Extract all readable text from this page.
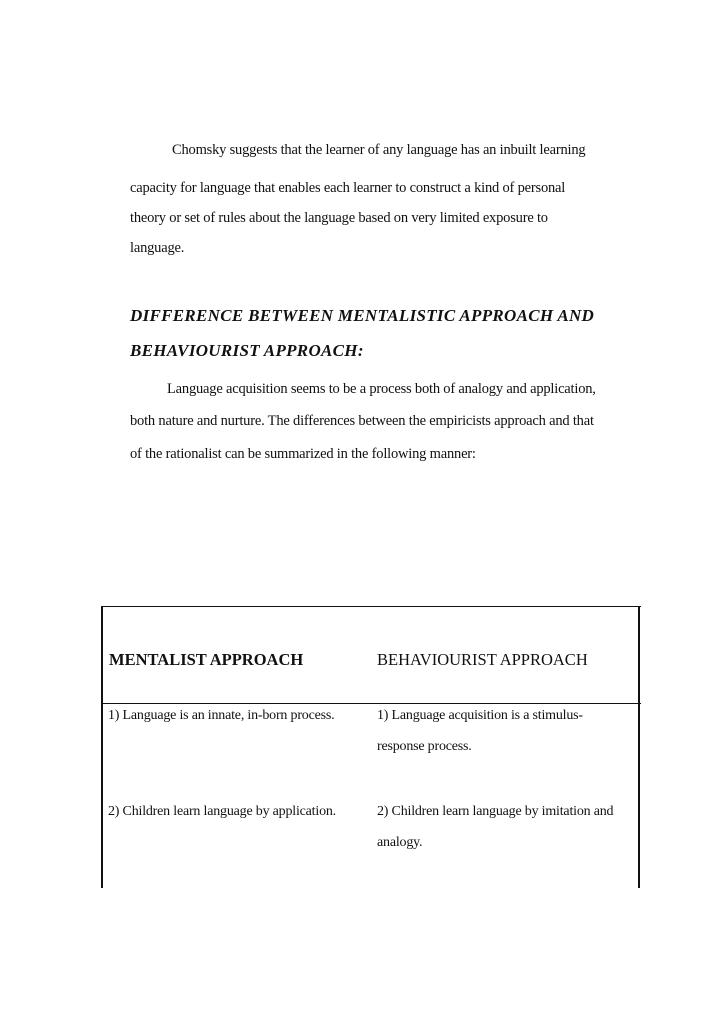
Chomsky suggests that the learner of any language has an inbuilt learning
capacity for language that enables each learner to construct a kind of personal
theory or set of rules about the language based on very limited exposure to
language.
DIFFERENCE BETWEEN MENTALISTIC APPROACH AND
BEHAVIOURIST APPROACH:
Language acquisition seems to be a process both of analogy and application,
both nature and nurture. The differences between the empiricists approach and that
of the rationalist can be summarized in the following manner:
MENTALIST APPROACH	BEHAVIOURIST APPROACH
1) Language is an innate, in-born process.	1) Language acquisition is a stimulus-
response process.
2) Children learn language by application.	2) Children learn language by imitation and
analogy.
